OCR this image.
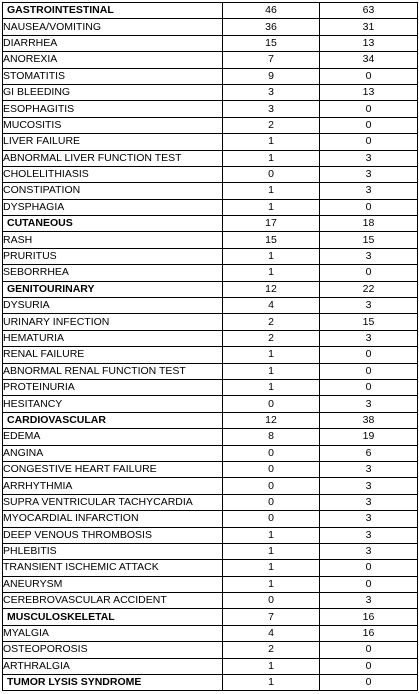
GASTROINTESTINAL	46	63
NAUSEA/VOMITING	36	31
DIARRHEA	15	13
ANOREXIA	7	34
STOMATITIS	9	0
GI BLEEDING	3	13
ESOPHAGITIS	3	0
MUCOSITIS	2	0
LIVER FAILURE	1	0
ABNORMAL LIVER FUNCTION TEST	1	3
CHOLELITHIASIS	0	3
CONSTIPATION	1	3
DYSPHAGIA	1	0
CUTANEOUS	17	18
RASH	15	15
PRURITUS	1	3
SEBORRHEA	1	0
GENITOURINARY	12	22
DYSURIA	4	3
URINARY INFECTION	2	15
HEMATURIA	2	3
RENAL FAILURE	1	0
ABNORMAL RENAL FUNCTION TEST	1	0
PROTEINURIA	1	0
HESITANCY	0	3
CARDIOVASCULAR	12	38
EDEMA	8	19
ANGINA	0	6
CONGESTIVE HEART FAILURE	0	3
ARRHYTHMIA	0	3
SUPRA VENTRICULAR TACHYCARDIA	0	3
MYOCARDIAL INFARCTION	0	3
DEEP VENOUS THROMBOSIS	1	3
PHLEBITIS	1	3
TRANSIENT ISCHEMIC ATTACK	1	0
ANEURYSM	1	0
CEREBROVASCULAR ACCIDENT	0	3
MUSCULOSKELETAL	7	16
MYALGIA	4	16
OSTEOPOROSIS	2	0
ARTHRALGIA	1	0
TUMOR LYSIS SYNDROME	1	0
